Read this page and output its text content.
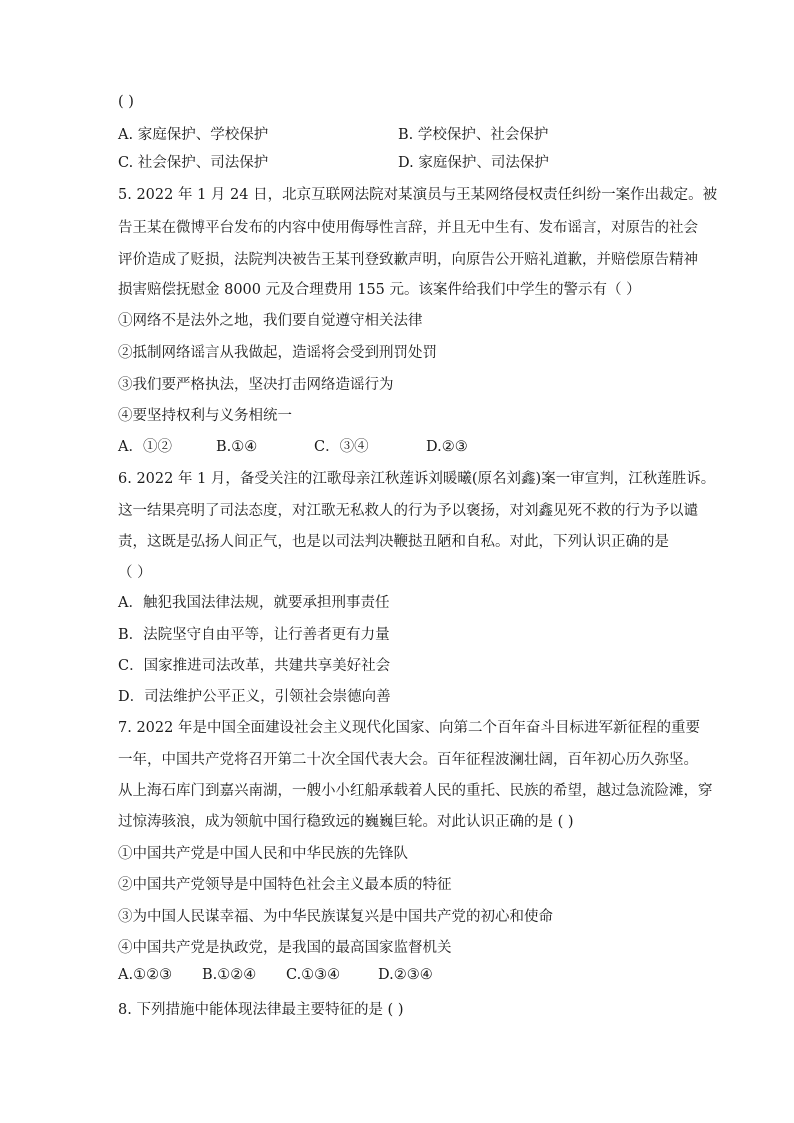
( )
A. 家庭保护、学校保护	B. 学校保护、社会保护
C. 社会保护、司法保护	D. 家庭保护、司法保护
5. 2022 年 1 月 24 日，北京互联网法院对某演员与王某网络侵权责任纠纷一案作出裁定。被
告王某在微博平台发布的内容中使用侮辱性言辞，并且无中生有、发布谣言，对原告的社会
评价造成了贬损，法院判决被告王某刊登致歉声明，向原告公开赔礼道歉，并赔偿原告精神
损害赔偿抚慰金 8000 元及合理费用 155 元。该案件给我们中学生的警示有（ ）
①网络不是法外之地，我们要自觉遵守相关法律
②抵制网络谣言从我做起，造谣将会受到刑罚处罚
③我们要严格执法，坚决打击网络造谣行为
④要坚持权利与义务相统一
A．①②	B.①④	C．③④	D.②③
6. 2022 年 1 月，备受关注的江歌母亲江秋莲诉刘暖曦(原名刘鑫)案一审宣判，江秋莲胜诉。
这一结果亮明了司法态度，对江歌无私救人的行为予以褒扬，对刘鑫见死不救的行为予以谴
责，这既是弘扬人间正气，也是以司法判决鞭挞丑陋和自私。对此，下列认识正确的是
（ ）
A．触犯我国法律法规，就要承担刑事责任
B．法院坚守自由平等，让行善者更有力量
C．国家推进司法改革，共建共享美好社会
D．司法维护公平正义，引领社会崇德向善
7. 2022 年是中国全面建设社会主义现代化国家、向第二个百年奋斗目标进军新征程的重要
一年，中国共产党将召开第二十次全国代表大会。百年征程波澜壮阔，百年初心历久弥坚。
从上海石库门到嘉兴南湖，一艘小小红船承载着人民的重托、民族的希望，越过急流险滩，穿
过惊涛骇浪，成为领航中国行稳致远的巍巍巨轮。对此认识正确的是 ( )
①中国共产党是中国人民和中华民族的先锋队
②中国共产党领导是中国特色社会主义最本质的特征
③为中国人民谋幸福、为中华民族谋复兴是中国共产党的初心和使命
④中国共产党是执政党，是我国的最高国家监督机关
A.①②③ B.①②④ C.①③④	D.②③④
8. 下列措施中能体现法律最主要特征的是 ( )
